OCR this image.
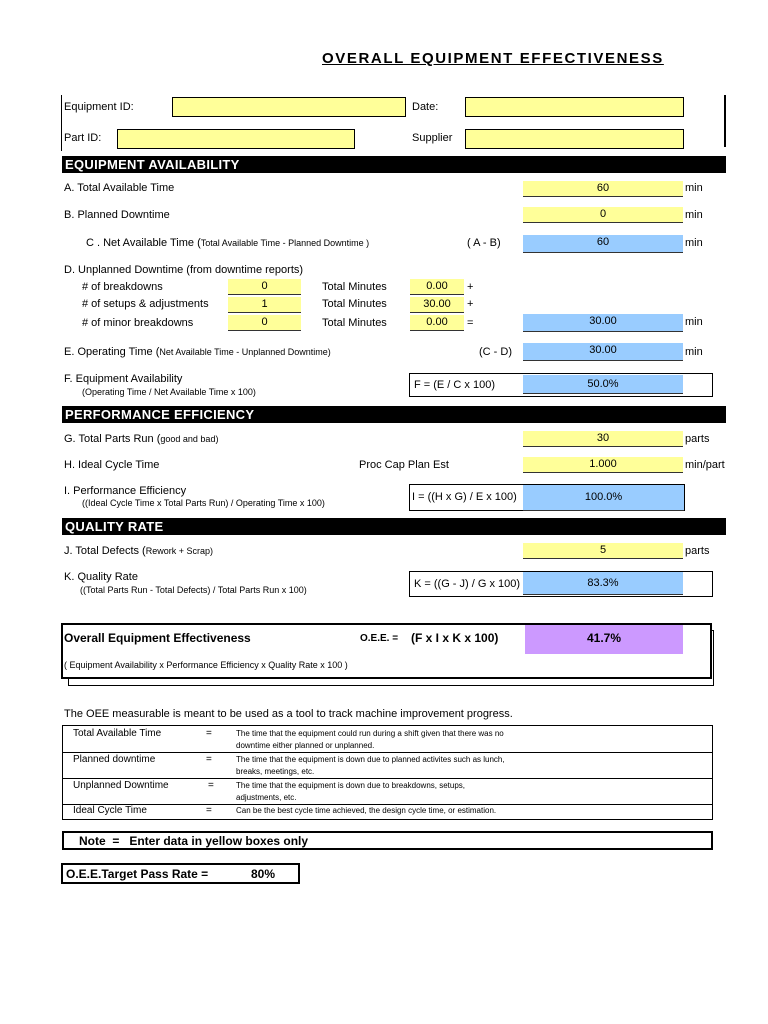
OVERALL EQUIPMENT EFFECTIVENESS
Equipment ID:	Date:
Part ID:	Supplier
EQUIPMENT AVAILABILITY
A. Total Available Time	60	min
B. Planned Downtime	0	min
C . Net Available Time (Total Available Time - Planned Downtime )	( A - B)	60	min
D. Unplanned Downtime (from downtime reports)
# of breakdowns	0	Total Minutes	0.00	+
# of setups & adjustments	1	Total Minutes	30.00	+
# of minor breakdowns	0	Total Minutes	0.00	=	30.00	min
E. Operating Time (Net Available Time - Unplanned Downtime)	(C - D)	30.00	min
F. Equipment Availability
(Operating Time / Net Available Time x 100)
F = (E / C x 100)	50.0%
PERFORMANCE EFFICIENCY
G. Total Parts Run (good and bad)	30	parts
H. Ideal Cycle Time	Proc Cap Plan Est	1.000	min/part
I. Performance Efficiency
((Ideal Cycle Time x Total Parts Run) / Operating Time x 100)	I = ((H x G) / E x 100)	100.0%
QUALITY RATE
J. Total Defects (Rework + Scrap)	5	parts
K. Quality Rate
((Total Parts Run - Total Defects) / Total Parts Run x 100)	K = ((G - J) / G x 100)	83.3%
Overall Equipment Effectiveness	O.E.E. = (F x I x K x 100)	41.7%
( Equipment Availability x Performance Efficiency x Quality Rate x 100 )
The OEE measurable is meant to be used as a tool to track machine improvement progress.
Total Available Time	=	The time that the equipment could run during a shift given that there was no
downtime either planned or unplanned.
Planned downtime	=	The time that the equipment is down due to planned activites such as lunch,
breaks, meetings, etc.
Unplanned Downtime	=	The time that the equipment is down due to breakdowns, setups,
adjustments, etc.
Ideal Cycle Time	=	Can be the best cycle time achieved, the design cycle time, or estimation.
Note  =   Enter data in yellow boxes only
O.E.E.Target Pass Rate =	80%
